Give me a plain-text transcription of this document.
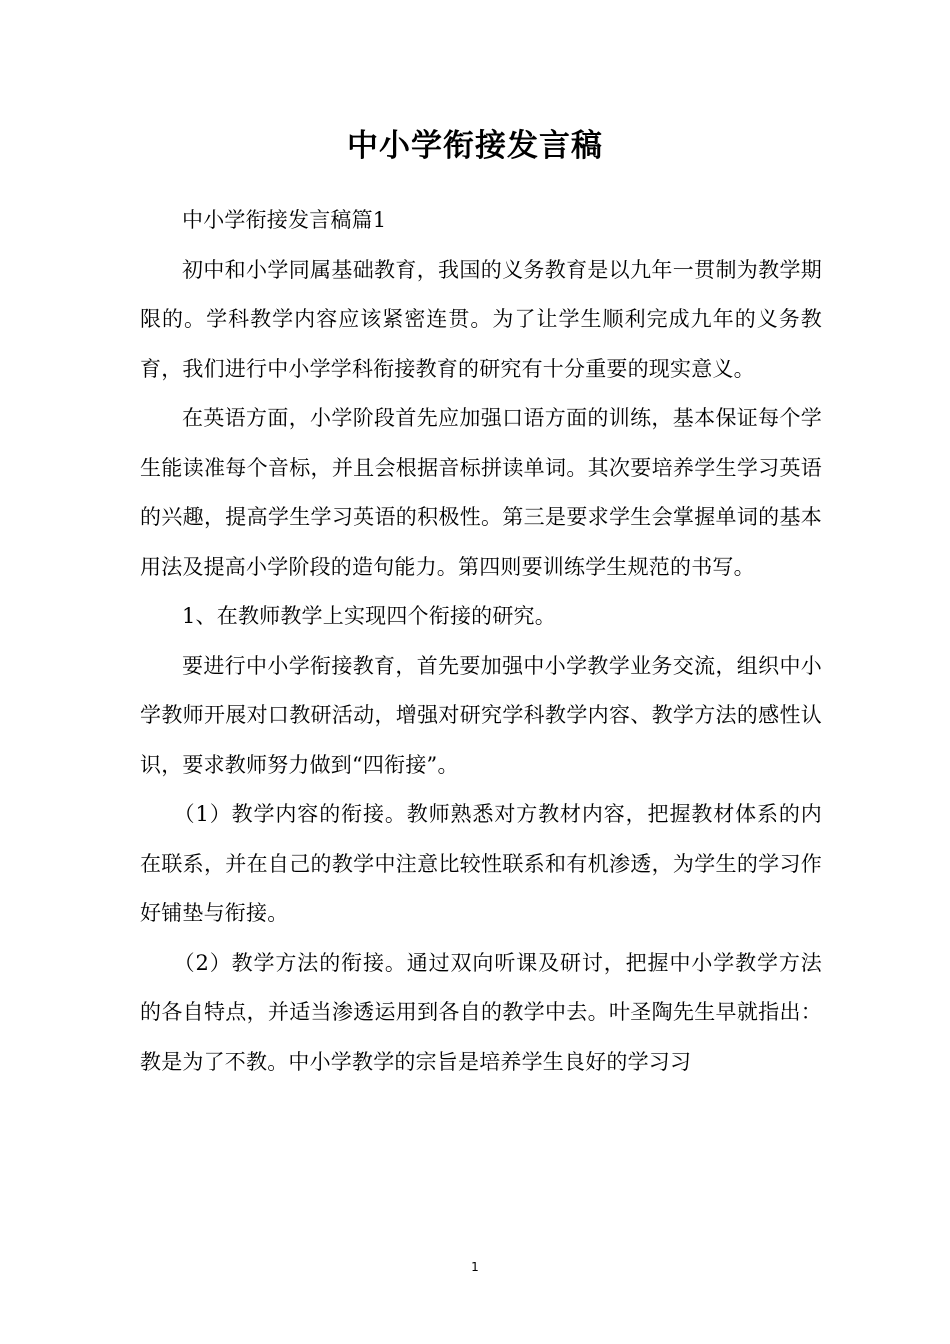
中小学衔接发言稿

中小学衔接发言稿篇1

初中和小学同属基础教育，我国的义务教育是以九年一贯制为教学期限的。学科教学内容应该紧密连贯。为了让学生顺利完成九年的义务教育，我们进行中小学学科衔接教育的研究有十分重要的现实意义。

在英语方面，小学阶段首先应加强口语方面的训练，基本保证每个学生能读准每个音标，并且会根据音标拼读单词。其次要培养学生学习英语的兴趣，提高学生学习英语的积极性。第三是要求学生会掌握单词的基本用法及提高小学阶段的造句能力。第四则要训练学生规范的书写。

1、在教师教学上实现四个衔接的研究。

要进行中小学衔接教育，首先要加强中小学教学业务交流，组织中小学教师开展对口教研活动，增强对研究学科教学内容、教学方法的感性认识，要求教师努力做到“四衔接”。

（1）教学内容的衔接。教师熟悉对方教材内容，把握教材体系的内在联系，并在自己的教学中注意比较性联系和有机渗透，为学生的学习作好铺垫与衔接。

（2）教学方法的衔接。通过双向听课及研讨，把握中小学教学方法的各自特点，并适当渗透运用到各自的教学中去。叶圣陶先生早就指出：教是为了不教。中小学教学的宗旨是培养学生良好的学习习

1
